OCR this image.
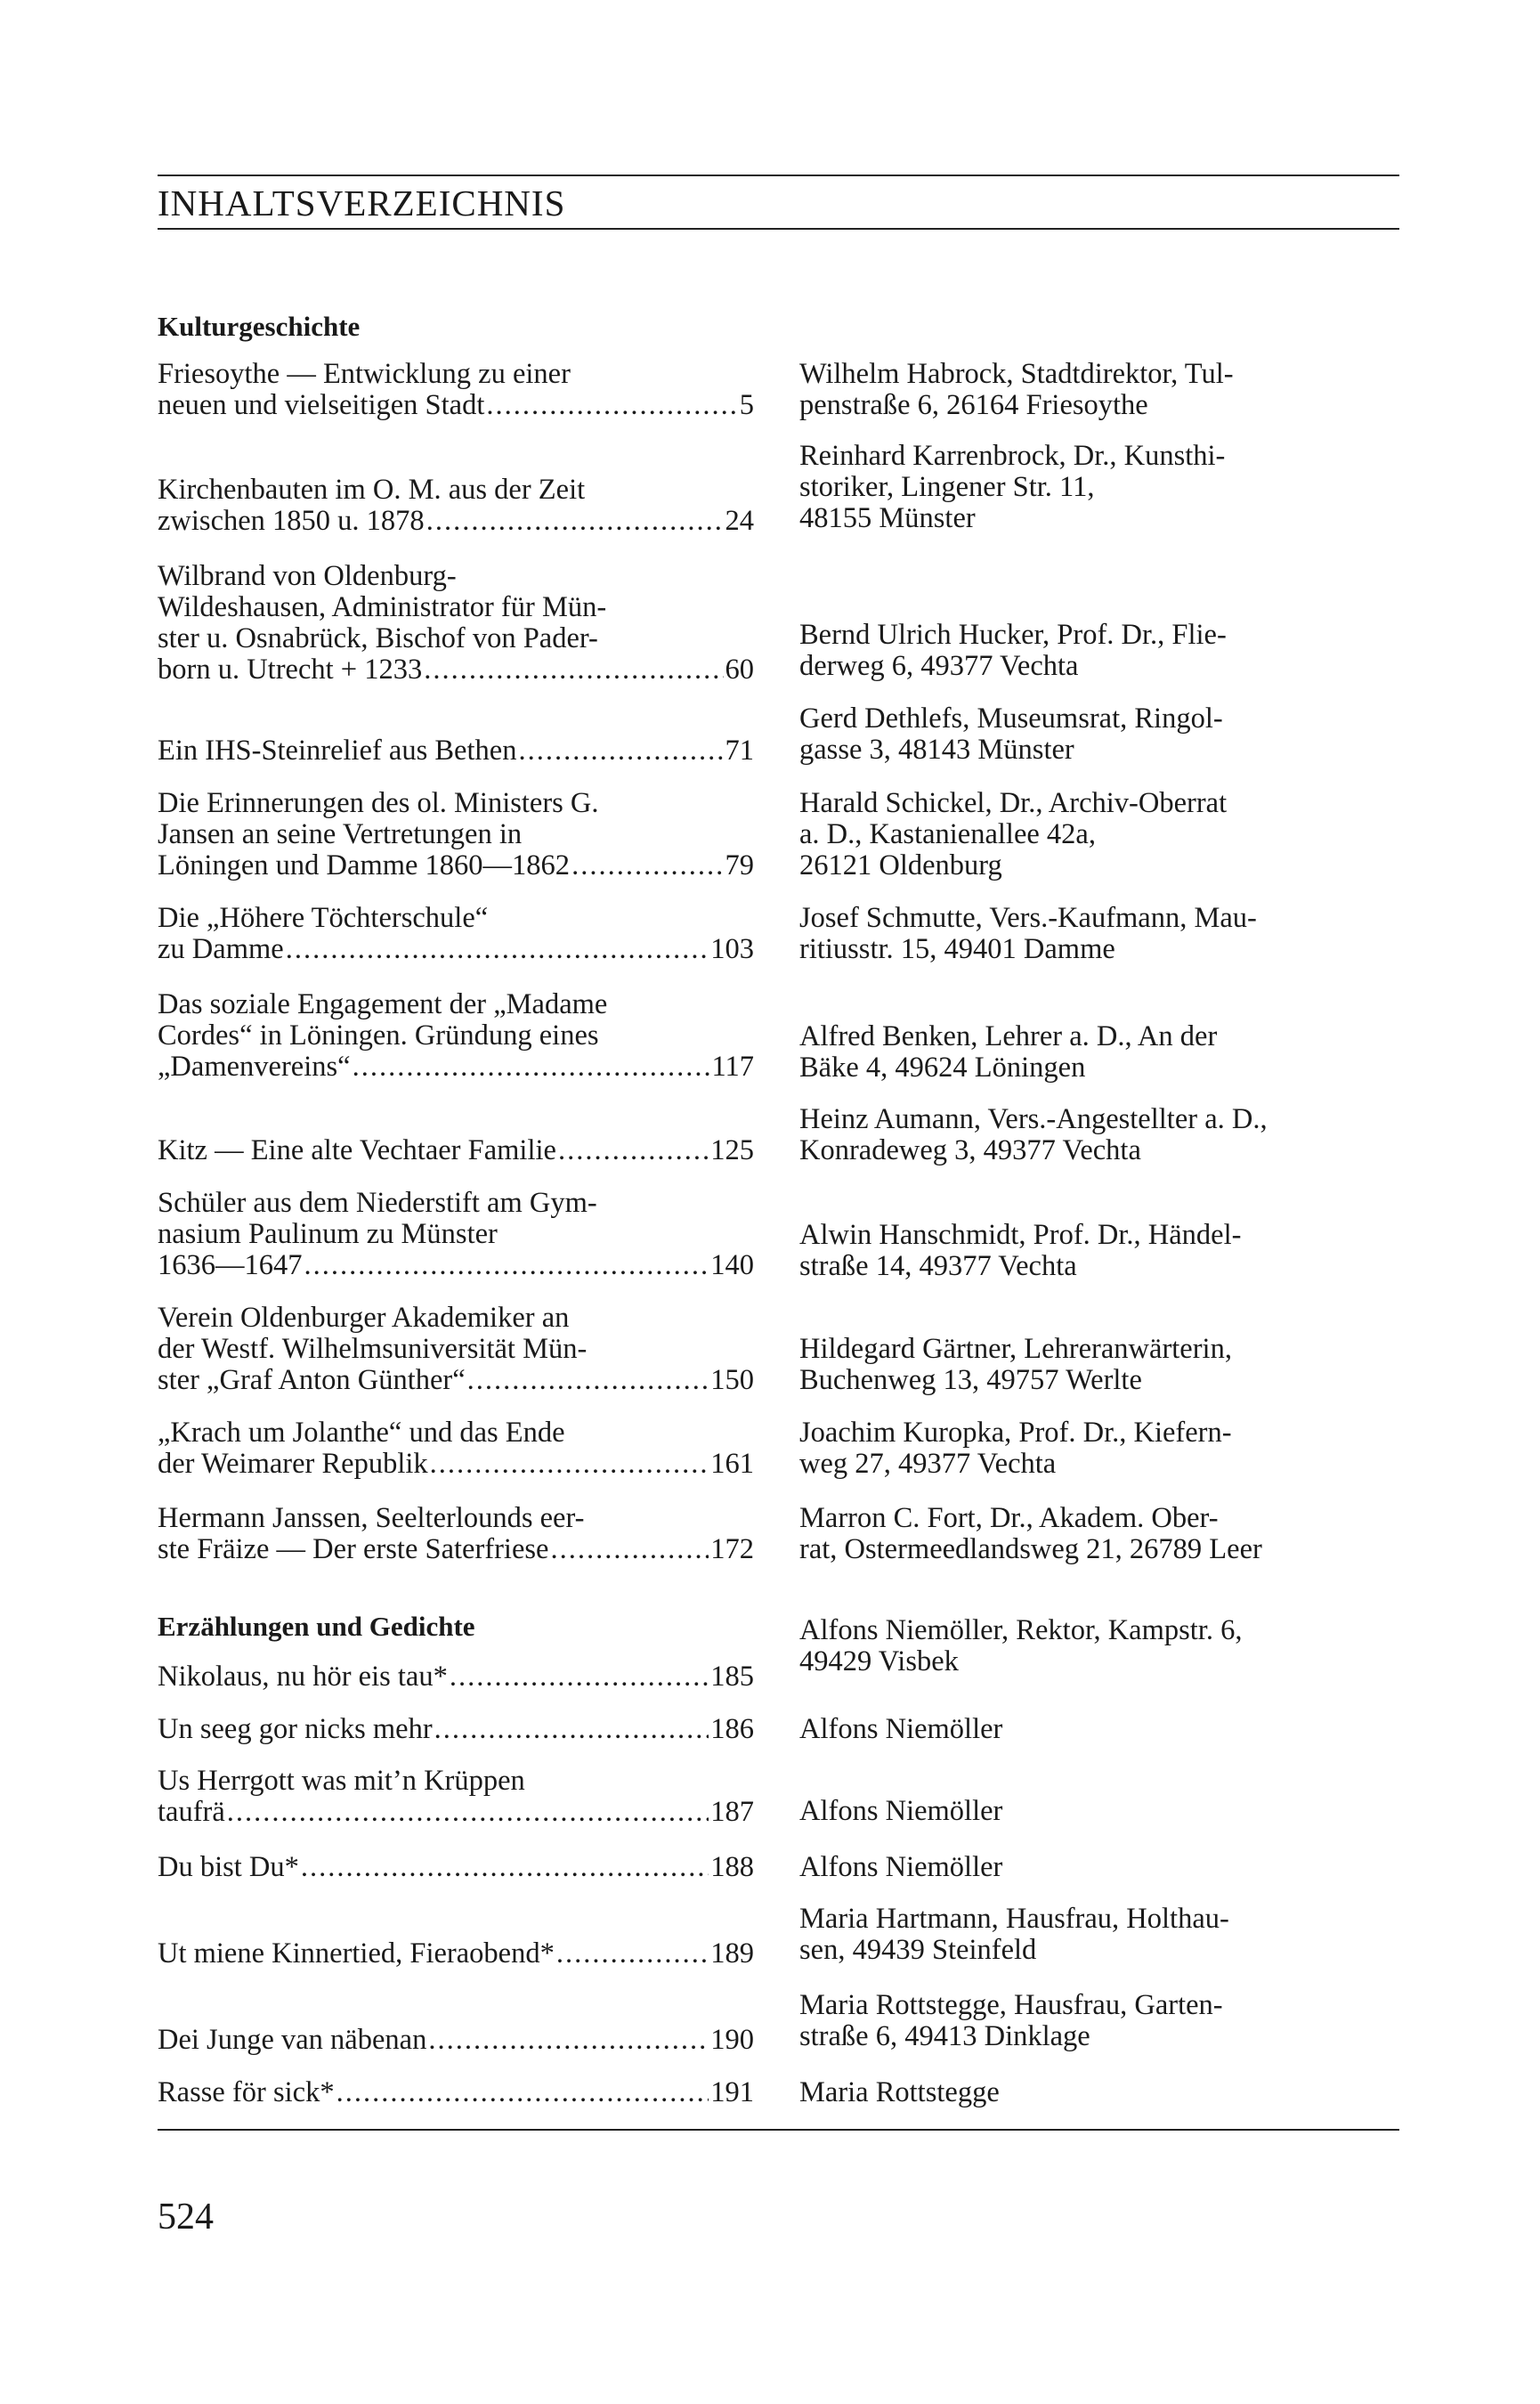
INHALTSVERZEICHNIS
Kulturgeschichte
Friesoythe — Entwicklung zu einer
neuen und vielseitigen Stadt .....	5
Wilhelm Habrock, Stadtdirektor, Tul-
penstraße 6, 26164 Friesoythe
Kirchenbauten im O. M. aus der Zeit
zwischen 1850 u. 1878 .....	24
Reinhard Karrenbrock, Dr., Kunsthi-
storiker, Lingener Str. 11,
48155 Münster
Wilbrand von Oldenburg-
Wildeshausen, Administrator für Mün-
ster u. Osnabrück, Bischof von Pader-
born u. Utrecht + 1233 .....	60
Bernd Ulrich Hucker, Prof. Dr., Flie-
derweg 6, 49377 Vechta
Ein IHS-Steinrelief aus Bethen .....	71
Gerd Dethlefs, Museumsrat, Ringol-
gasse 3, 48143 Münster
Die Erinnerungen des ol. Ministers G.
Jansen an seine Vertretungen in
Löningen und Damme 1860—1862 .....	79
Harald Schickel, Dr., Archiv-Oberrat
a. D., Kastanienallee 42a,
26121 Oldenburg
Die „Höhere Töchterschule“
zu Damme .....	103
Josef Schmutte, Vers.-Kaufmann, Mau-
ritiusstr. 15, 49401 Damme
Das soziale Engagement der „Madame
Cordes“ in Löningen. Gründung eines
„Damenvereins“ .....	117
Alfred Benken, Lehrer a. D., An der
Bäke 4, 49624 Löningen
Kitz — Eine alte Vechtaer Familie .....	125
Heinz Aumann, Vers.-Angestellter a. D.,
Konradeweg 3, 49377 Vechta
Schüler aus dem Niederstift am Gym-
nasium Paulinum zu Münster
1636—1647 .....	140
Alwin Hanschmidt, Prof. Dr., Händel-
straße 14, 49377 Vechta
Verein Oldenburger Akademiker an
der Westf. Wilhelmsuniversität Mün-
ster „Graf Anton Günther“ .....	150
Hildegard Gärtner, Lehreranwärterin,
Buchenweg 13, 49757 Werlte
„Krach um Jolanthe“ und das Ende
der Weimarer Republik .....	161
Joachim Kuropka, Prof. Dr., Kiefern-
weg 27, 49377 Vechta
Hermann Janssen, Seelterlounds eer-
ste Fräize — Der erste Saterfriese .....	172
Marron C. Fort, Dr., Akadem. Ober-
rat, Ostermeedlandsweg 21, 26789 Leer
Erzählungen und Gedichte
Nikolaus, nu hör eis tau* .....	185
Alfons Niemöller, Rektor, Kampstr. 6,
49429 Visbek
Un seeg gor nicks mehr .....	186 Alfons Niemöller
Us Herrgott was mit’n Krüppen
taufrä .....	187 Alfons Niemöller
Du bist Du* .....	188 Alfons Niemöller
Ut miene Kinnertied, Fieraobend* .....	189
Maria Hartmann, Hausfrau, Holthau-
sen, 49439 Steinfeld
Dei Junge van näbenan .....	190
Maria Rottstegge, Hausfrau, Garten-
straße 6, 49413 Dinklage
Rasse för sick* .....	191 Maria Rottstegge
524
